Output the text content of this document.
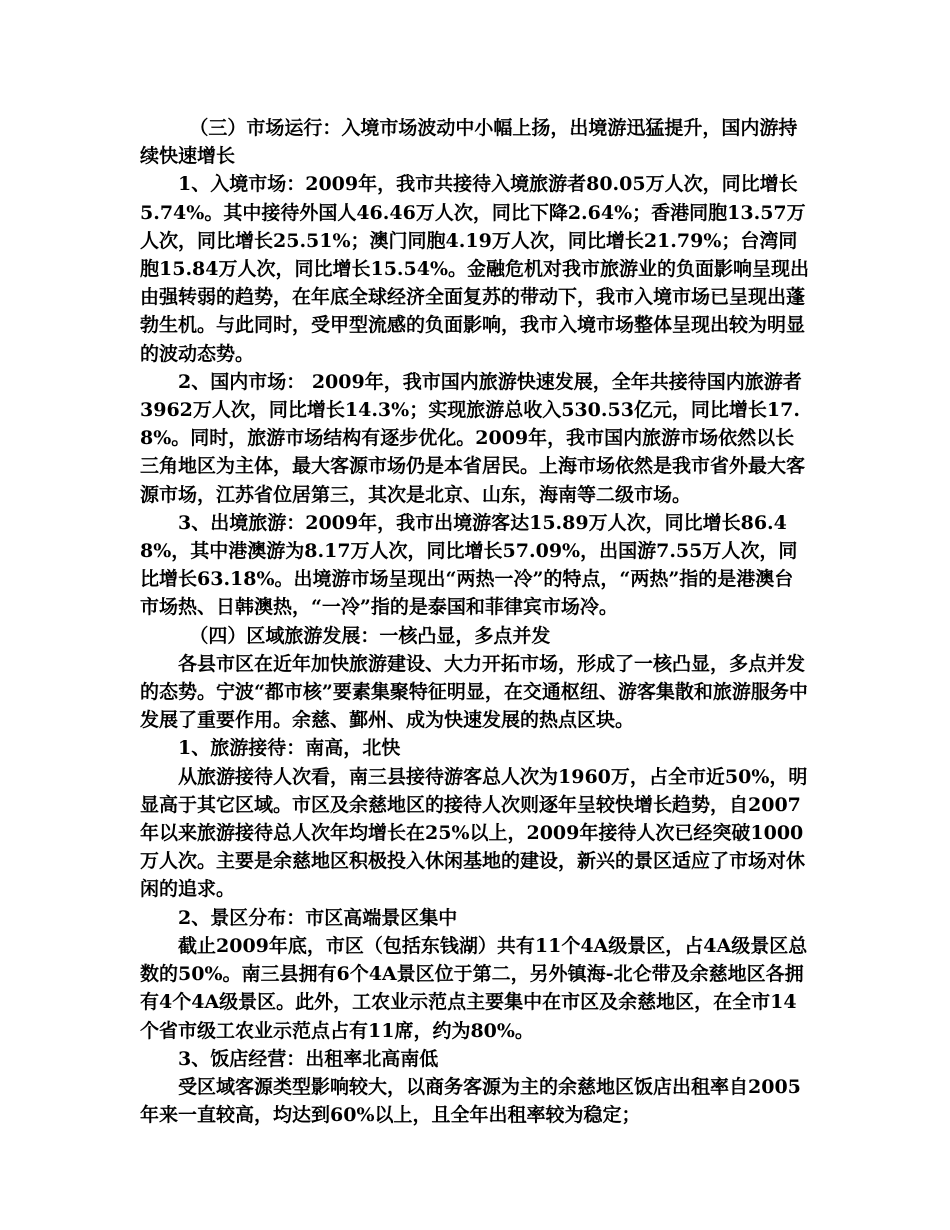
（三）市场运行：入境市场波动中小幅上扬，出境游迅猛提升，国内游持续快速增长

1、入境市场：2009年，我市共接待入境旅游者80.05万人次，同比增长5.74%。其中接待外国人46.46万人次，同比下降2.64%；香港同胞13.57万人次，同比增长25.51%；澳门同胞4.19万人次，同比增长21.79%；台湾同胞15.84万人次，同比增长15.54%。金融危机对我市旅游业的负面影响呈现出由强转弱的趋势，在年底全球经济全面复苏的带动下，我市入境市场已呈现出蓬勃生机。与此同时，受甲型流感的负面影响，我市入境市场整体呈现出较为明显的波动态势。

2、国内市场： 2009年，我市国内旅游快速发展，全年共接待国内旅游者3962万人次，同比增长14.3%；实现旅游总收入530.53亿元，同比增长17.8%。同时，旅游市场结构有逐步优化。2009年，我市国内旅游市场依然以长三角地区为主体，最大客源市场仍是本省居民。上海市场依然是我市省外最大客源市场，江苏省位居第三，其次是北京、山东，海南等二级市场。

3、出境旅游：2009年，我市出境游客达15.89万人次，同比增长86.48%，其中港澳游为8.17万人次，同比增长57.09%，出国游7.55万人次，同比增长63.18%。出境游市场呈现出“两热一冷”的特点，“两热”指的是港澳台市场热、日韩澳热，“一冷”指的是泰国和菲律宾市场冷。

（四）区域旅游发展：一核凸显，多点并发

各县市区在近年加快旅游建设、大力开拓市场，形成了一核凸显，多点并发的态势。宁波“都市核”要素集聚特征明显，在交通枢纽、游客集散和旅游服务中发展了重要作用。余慈、鄞州、成为快速发展的热点区块。

1、旅游接待：南高，北快

从旅游接待人次看，南三县接待游客总人次为1960万，占全市近50%，明显高于其它区域。市区及余慈地区的接待人次则逐年呈较快增长趋势，自2007年以来旅游接待总人次年均增长在25%以上，2009年接待人次已经突破1000万人次。主要是余慈地区积极投入休闲基地的建设，新兴的景区适应了市场对休闲的追求。

2、景区分布：市区高端景区集中

截止2009年底，市区（包括东钱湖）共有11个4A级景区，占4A级景区总数的50%。南三县拥有6个4A景区位于第二，另外镇海-北仑带及余慈地区各拥有4个4A级景区。此外，工农业示范点主要集中在市区及余慈地区，在全市14个省市级工农业示范点占有11席，约为80%。

3、饭店经营：出租率北高南低

受区域客源类型影响较大，以商务客源为主的余慈地区饭店出租率自2005年来一直较高，均达到60%以上，且全年出租率较为稳定；
